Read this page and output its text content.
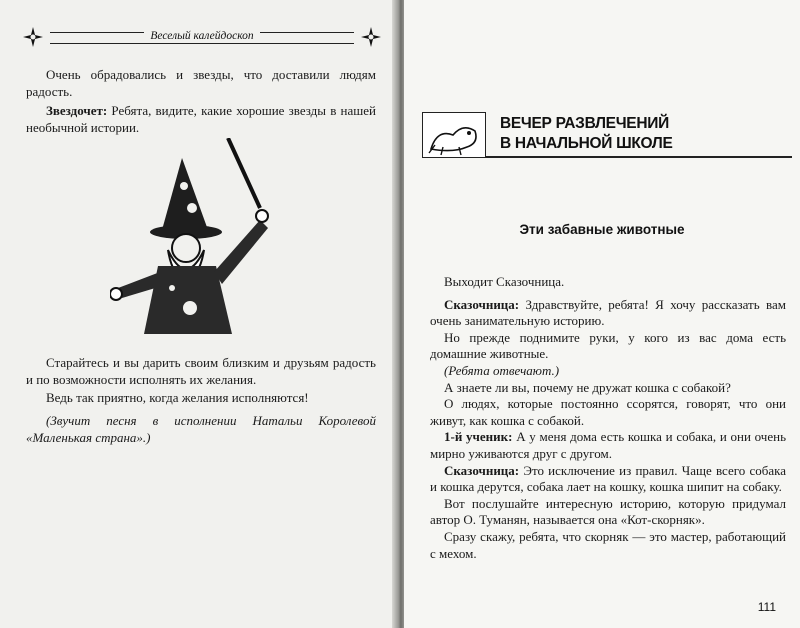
Веселый калейдоскоп

Очень обрадовались и звезды, что доставили людям радость.

Звездочет: Ребята, видите, какие хорошие звезды в нашей необычной истории.

Старайтесь и вы дарить своим близким и друзьям радость и по возможности исполнять их желания.

Ведь так приятно, когда желания исполняются!

(Звучит песня в исполнении Натальи Королевой «Маленькая страна».)

ВЕЧЕР РАЗВЛЕЧЕНИЙ
В НАЧАЛЬНОЙ ШКОЛЕ
Эти забавные животные

Выходит Сказочница.

Сказочница: Здравствуйте, ребята! Я хочу рассказать вам очень занимательную историю.

Но прежде поднимите руки, у кого из вас дома есть домашние животные.

(Ребята отвечают.)

А знаете ли вы, почему не дружат кошка с собакой?

О людях, которые постоянно ссорятся, говорят, что они живут, как кошка с собакой.

1-й ученик: А у меня дома есть кошка и собака, и они очень мирно уживаются друг с другом.

Сказочница: Это исключение из правил. Чаще всего собака и кошка дерутся, собака лает на кошку, кошка шипит на собаку.

Вот послушайте интересную историю, которую придумал автор О. Туманян, называется она «Кот-скорняк».

Сразу скажу, ребята, что скорняк — это мастер, работающий с мехом.

111
